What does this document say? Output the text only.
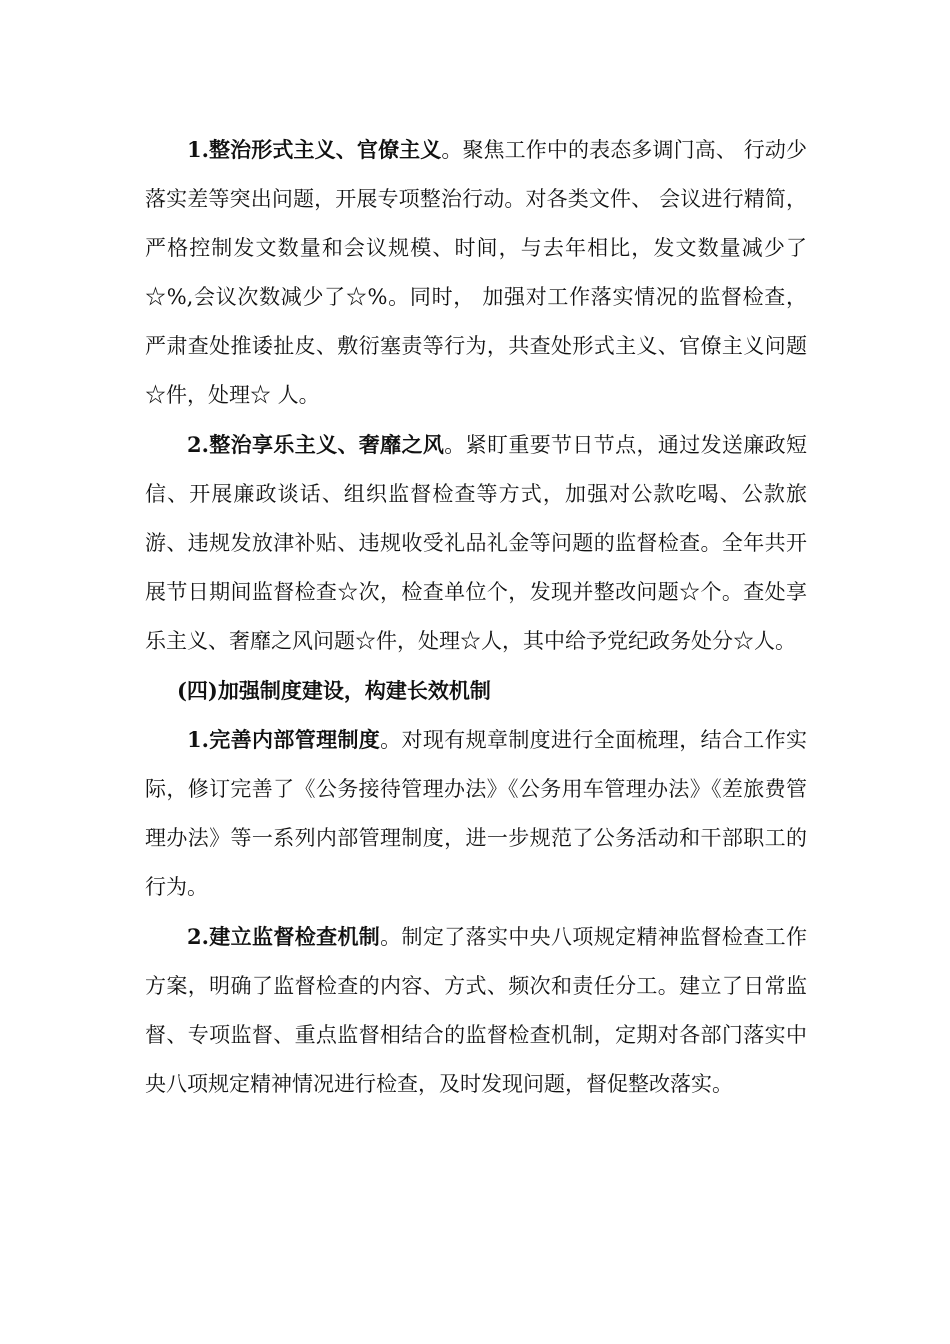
1.整治形式主义、官僚主义。聚焦工作中的表态多调门高、 行动少落实差等突出问题，开展专项整治行动。对各类文件、 会议进行精简，严格控制发文数量和会议规模、时间，与去年相比，发文数量减少了☆%,会议次数减少了☆%。同时， 加强对工作落实情况的监督检查，严肃查处推诿扯皮、敷衍塞责等行为，共查处形式主义、官僚主义问题☆件，处理☆ 人。

2.整治享乐主义、奢靡之风。紧盯重要节日节点，通过发送廉政短信、开展廉政谈话、组织监督检查等方式，加强对公款吃喝、公款旅游、违规发放津补贴、违规收受礼品礼金等问题的监督检查。全年共开展节日期间监督检查☆次，检查单位个，发现并整改问题☆个。查处享乐主义、奢靡之风问题☆件，处理☆人，其中给予党纪政务处分☆人。

(四)加强制度建设，构建长效机制

1.完善内部管理制度。对现有规章制度进行全面梳理，结合工作实际，修订完善了《公务接待管理办法》《公务用车管理办法》《差旅费管理办法》等一系列内部管理制度，进一步规范了公务活动和干部职工的行为。

2.建立监督检查机制。制定了落实中央八项规定精神监督检查工作方案，明确了监督检查的内容、方式、频次和责任分工。建立了日常监督、专项监督、重点监督相结合的监督检查机制，定期对各部门落实中央八项规定精神情况进行检查，及时发现问题，督促整改落实。
